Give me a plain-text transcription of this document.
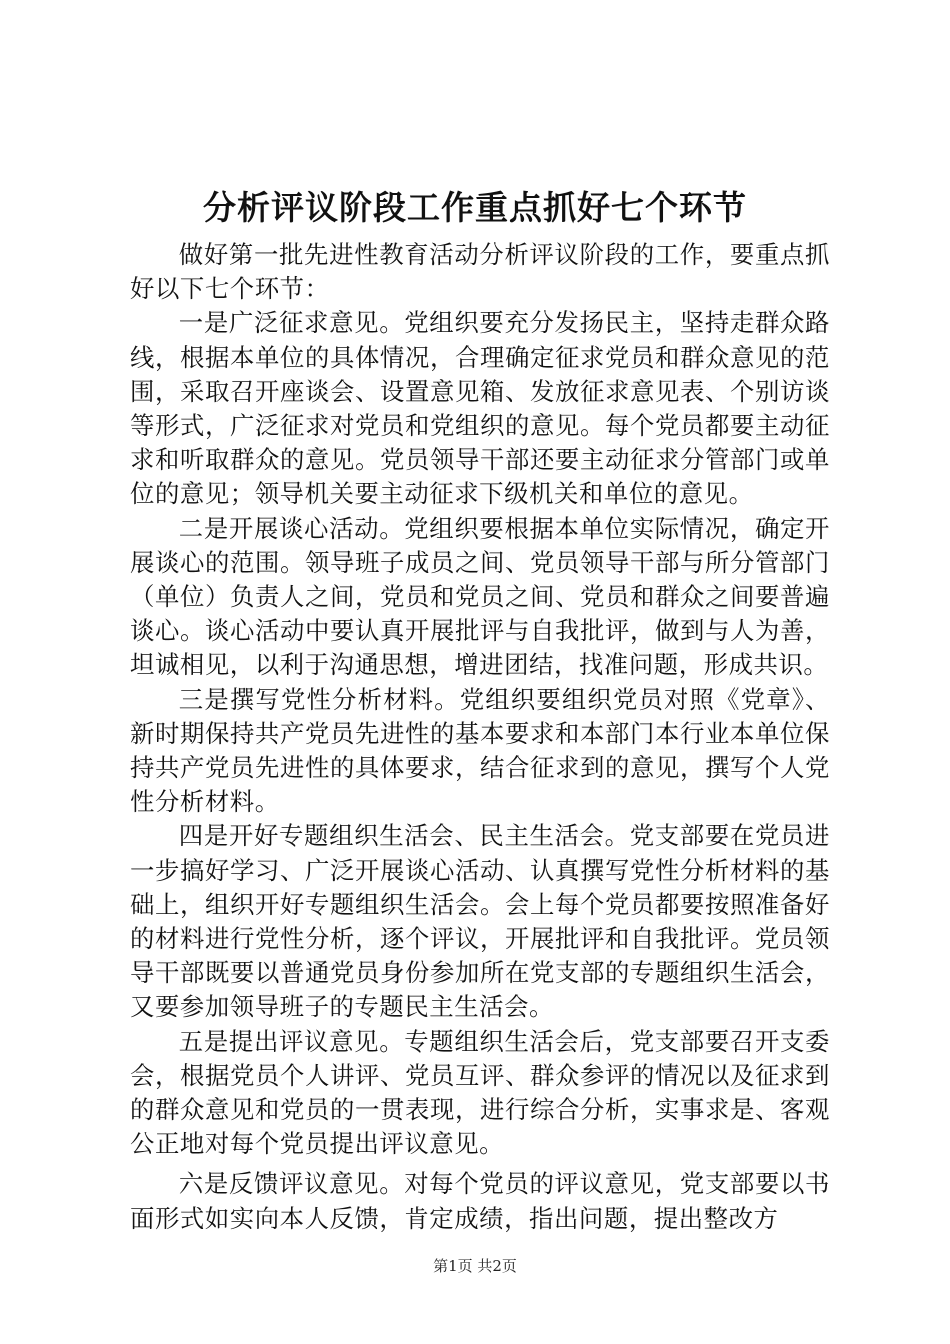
分析评议阶段工作重点抓好七个环节

做好第一批先进性教育活动分析评议阶段的工作，要重点抓好以下七个环节：

一是广泛征求意见。党组织要充分发扬民主，坚持走群众路线，根据本单位的具体情况，合理确定征求党员和群众意见的范围，采取召开座谈会、设置意见箱、发放征求意见表、个别访谈等形式，广泛征求对党员和党组织的意见。每个党员都要主动征求和听取群众的意见。党员领导干部还要主动征求分管部门或单位的意见；领导机关要主动征求下级机关和单位的意见。

二是开展谈心活动。党组织要根据本单位实际情况，确定开展谈心的范围。领导班子成员之间、党员领导干部与所分管部门（单位）负责人之间，党员和党员之间、党员和群众之间要普遍谈心。谈心活动中要认真开展批评与自我批评，做到与人为善，坦诚相见，以利于沟通思想，增进团结，找准问题，形成共识。

三是撰写党性分析材料。党组织要组织党员对照《党章》、新时期保持共产党员先进性的基本要求和本部门本行业本单位保持共产党员先进性的具体要求，结合征求到的意见，撰写个人党性分析材料。

四是开好专题组织生活会、民主生活会。党支部要在党员进一步搞好学习、广泛开展谈心活动、认真撰写党性分析材料的基础上，组织开好专题组织生活会。会上每个党员都要按照准备好的材料进行党性分析，逐个评议，开展批评和自我批评。党员领导干部既要以普通党员身份参加所在党支部的专题组织生活会，又要参加领导班子的专题民主生活会。

五是提出评议意见。专题组织生活会后，党支部要召开支委会，根据党员个人讲评、党员互评、群众参评的情况以及征求到的群众意见和党员的一贯表现，进行综合分析，实事求是、客观公正地对每个党员提出评议意见。

六是反馈评议意见。对每个党员的评议意见，党支部要以书面形式如实向本人反馈，肯定成绩，指出问题，提出整改方

第1页 共2页
